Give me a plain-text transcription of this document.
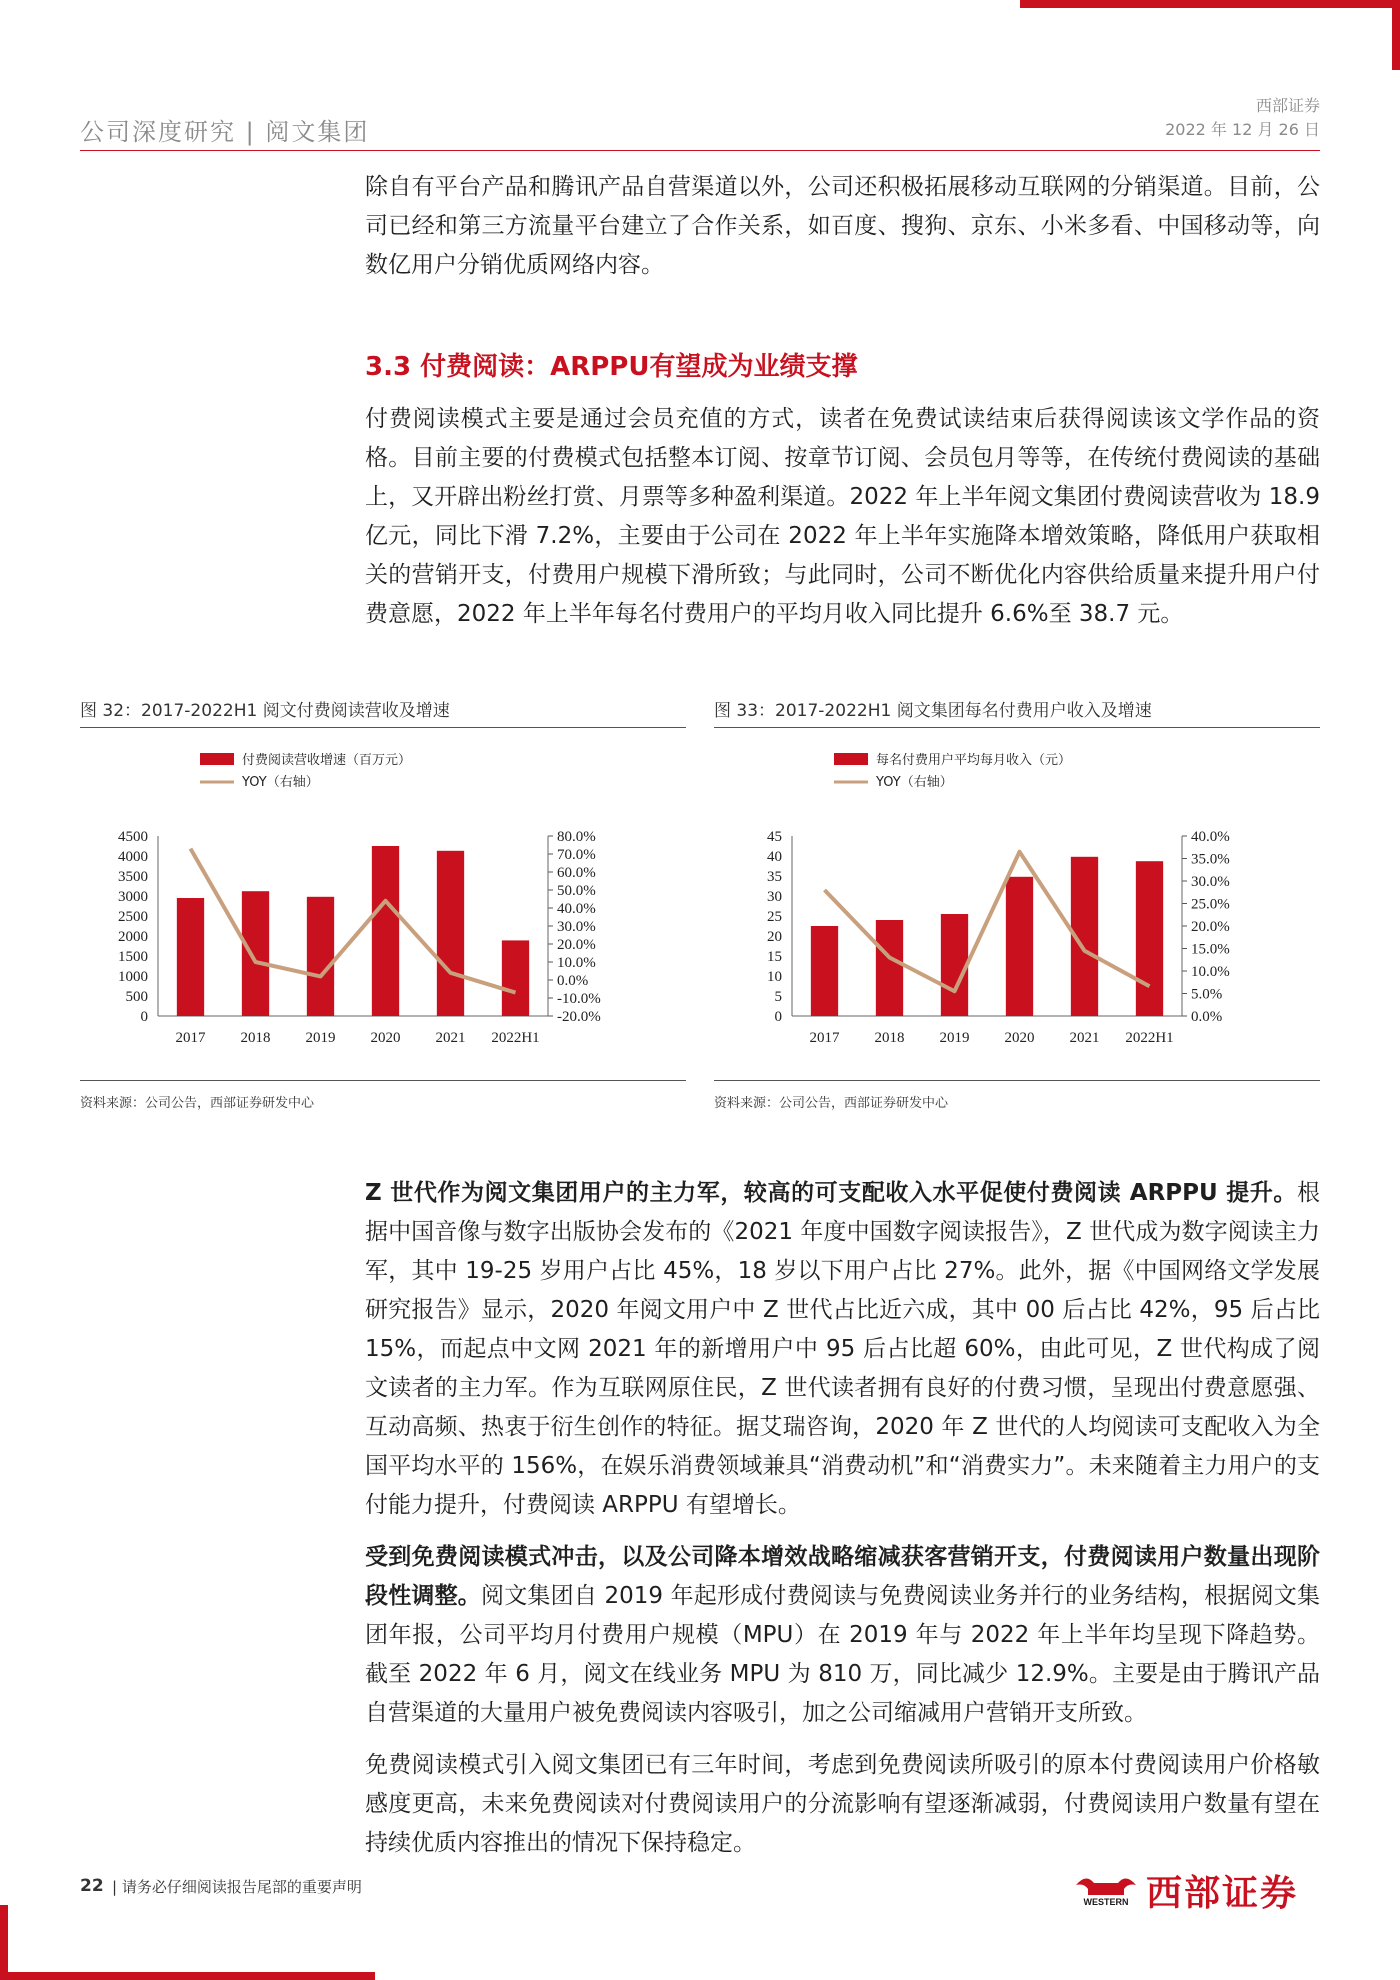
公司深度研究 | 阅文集团
西部证券
2022 年 12 月 26 日
除自有平台产品和腾讯产品自营渠道以外，公司还积极拓展移动互联网的分销渠道。目前，公司已经和第三方流量平台建立了合作关系，如百度、搜狗、京东、小米多看、中国移动等，向数亿用户分销优质网络内容。
3.3 付费阅读：ARPPU有望成为业绩支撑
付费阅读模式主要是通过会员充值的方式，读者在免费试读结束后获得阅读该文学作品的资格。目前主要的付费模式包括整本订阅、按章节订阅、会员包月等等，在传统付费阅读的基础上，又开辟出粉丝打赏、月票等多种盈利渠道。2022 年上半年阅文集团付费阅读营收为 18.9 亿元，同比下滑 7.2%，主要由于公司在 2022 年上半年实施降本增效策略，降低用户获取相关的营销开支，付费用户规模下滑所致；与此同时，公司不断优化内容供给质量来提升用户付费意愿，2022 年上半年每名付费用户的平均月收入同比提升 6.6%至 38.7 元。
图 32：2017-2022H1 阅文付费阅读营收及增速
付费阅读营收增速（百万元）
YOY（右轴）
4500
4000
3500
3000
2500
2000
1500
1000
500
0
80.0%
70.0%
60.0%
50.0%
40.0%
30.0%
20.0%
10.0%
0.0%
-10.0%
-20.0%
2017 2018 2019 2020 2021 2022H1
资料来源：公司公告，西部证券研发中心
图 33：2017-2022H1 阅文集团每名付费用户收入及增速
每名付费用户平均每月收入（元）
YOY（右轴）
45
40
35
30
25
20
15
10
5
0
40.0%
35.0%
30.0%
25.0%
20.0%
15.0%
10.0%
5.0%
0.0%
2017 2018 2019 2020 2021 2022H1
资料来源：公司公告，西部证券研发中心
Z 世代作为阅文集团用户的主力军，较高的可支配收入水平促使付费阅读 ARPPU 提升。根据中国音像与数字出版协会发布的《2021 年度中国数字阅读报告》，Z 世代成为数字阅读主力军，其中 19-25 岁用户占比 45%，18 岁以下用户占比 27%。此外，据《中国网络文学发展研究报告》显示，2020 年阅文用户中 Z 世代占比近六成，其中 00 后占比 42%，95 后占比 15%，而起点中文网 2021 年的新增用户中 95 后占比超 60%，由此可见，Z 世代构成了阅文读者的主力军。作为互联网原住民，Z 世代读者拥有良好的付费习惯，呈现出付费意愿强、互动高频、热衷于衍生创作的特征。据艾瑞咨询，2020 年 Z 世代的人均阅读可支配收入为全国平均水平的 156%，在娱乐消费领域兼具“消费动机”和“消费实力”。未来随着主力用户的支付能力提升，付费阅读 ARPPU 有望增长。
受到免费阅读模式冲击，以及公司降本增效战略缩减获客营销开支，付费阅读用户数量出现阶段性调整。阅文集团自 2019 年起形成付费阅读与免费阅读业务并行的业务结构，根据阅文集团年报，公司平均月付费用户规模（MPU）在 2019 年与 2022 年上半年均呈现下降趋势。截至 2022 年 6 月，阅文在线业务 MPU 为 810 万，同比减少 12.9%。主要是由于腾讯产品自营渠道的大量用户被免费阅读内容吸引，加之公司缩减用户营销开支所致。
免费阅读模式引入阅文集团已有三年时间，考虑到免费阅读所吸引的原本付费阅读用户价格敏感度更高，未来免费阅读对付费阅读用户的分流影响有望逐渐减弱，付费阅读用户数量有望在持续优质内容推出的情况下保持稳定。
22 | 请务必仔细阅读报告尾部的重要声明
WESTERN 西部证券
